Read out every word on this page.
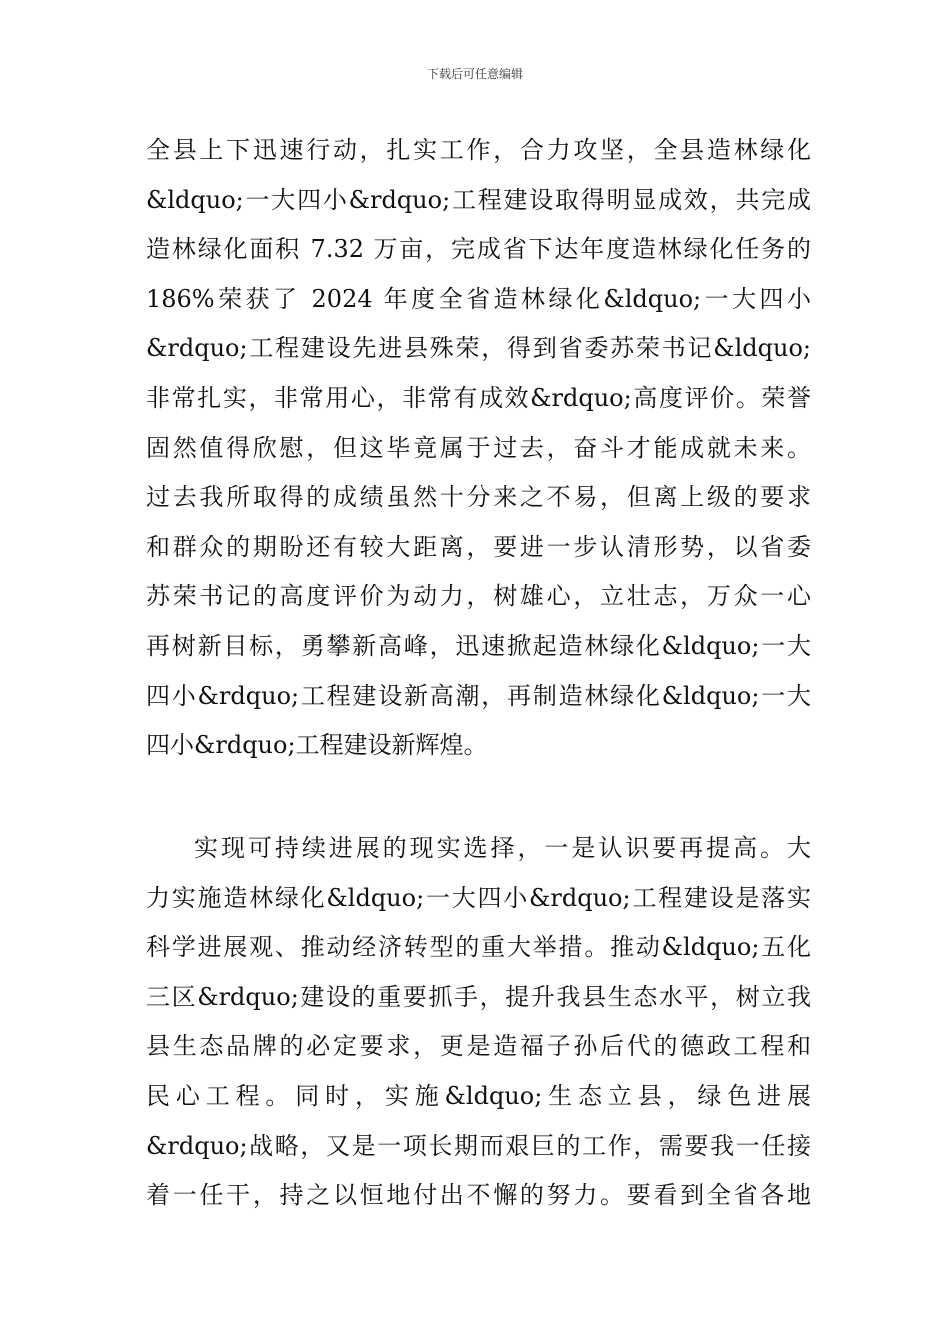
下载后可任意编辑
全县上下迅速行动，扎实工作，合力攻坚，全县造林绿化
&ldquo;一大四小&rdquo;工程建设取得明显成效，共完成
造林绿化面积 7.32 万亩，完成省下达年度造林绿化任务的
186%荣获了 2024 年度全省造林绿化&ldquo;一大四小
&rdquo;工程建设先进县殊荣，得到省委苏荣书记&ldquo;
非常扎实，非常用心，非常有成效&rdquo;高度评价。荣誉
固然值得欣慰，但这毕竟属于过去，奋斗才能成就未来。
过去我所取得的成绩虽然十分来之不易，但离上级的要求
和群众的期盼还有较大距离，要进一步认清形势，以省委
苏荣书记的高度评价为动力，树雄心，立壮志，万众一心
再树新目标，勇攀新高峰，迅速掀起造林绿化&ldquo;一大
四小&rdquo;工程建设新高潮，再制造林绿化&ldquo;一大
四小&rdquo;工程建设新辉煌。
实现可持续进展的现实选择，一是认识要再提高。大
力实施造林绿化&ldquo;一大四小&rdquo;工程建设是落实
科学进展观、推动经济转型的重大举措。推动&ldquo;五化
三区&rdquo;建设的重要抓手，提升我县生态水平，树立我
县生态品牌的必定要求，更是造福子孙后代的德政工程和
民心工程。同时，实施&ldquo;生态立县，绿色进展
&rdquo;战略，又是一项长期而艰巨的工作，需要我一任接
着一任干，持之以恒地付出不懈的努力。要看到全省各地
